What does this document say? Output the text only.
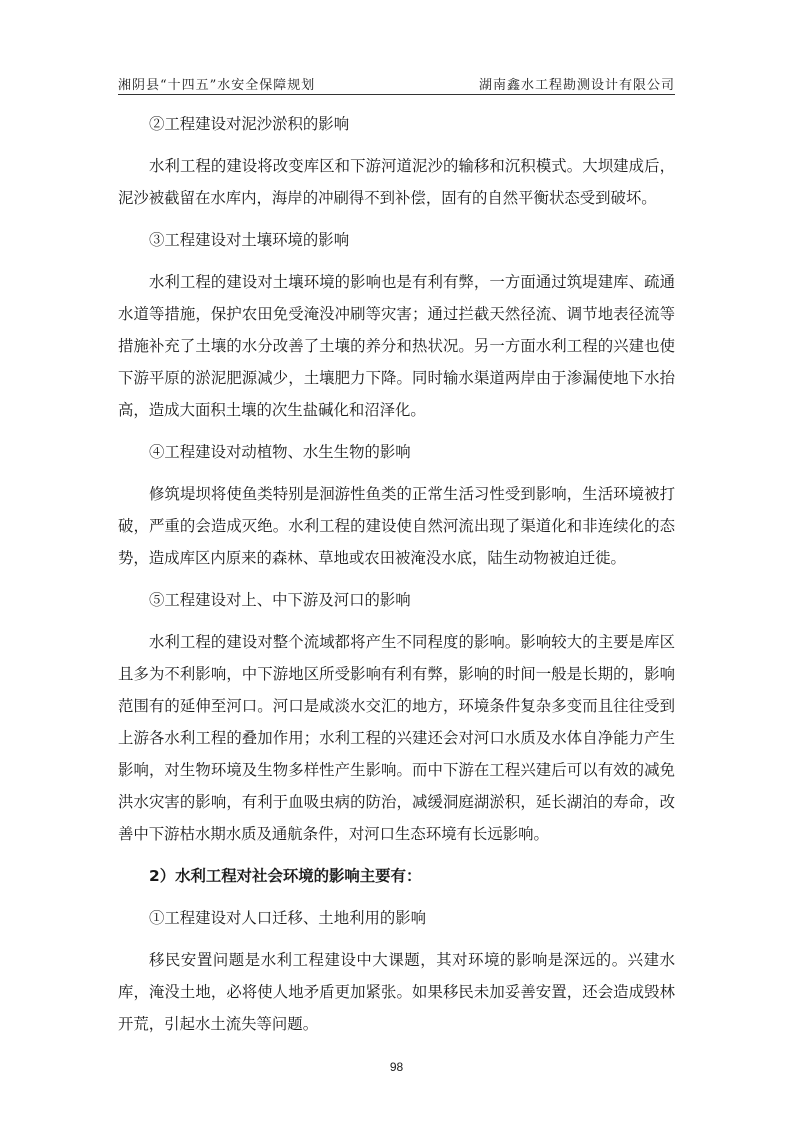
湘阴县“十四五”水安全保障规划	湖南鑫水工程勘测设计有限公司
②工程建设对泥沙淤积的影响
水利工程的建设将改变库区和下游河道泥沙的输移和沉积模式。大坝建成后，泥沙被截留在水库内，海岸的冲刷得不到补偿，固有的自然平衡状态受到破坏。
③工程建设对土壤环境的影响
水利工程的建设对土壤环境的影响也是有利有弊，一方面通过筑堤建库、疏通水道等措施，保护农田免受淹没冲刷等灾害；通过拦截天然径流、调节地表径流等措施补充了土壤的水分改善了土壤的养分和热状况。另一方面水利工程的兴建也使下游平原的淤泥肥源减少，土壤肥力下降。同时输水渠道两岸由于渗漏使地下水抬高，造成大面积土壤的次生盐碱化和沼泽化。
④工程建设对动植物、水生生物的影响
修筑堤坝将使鱼类特别是洄游性鱼类的正常生活习性受到影响，生活环境被打破，严重的会造成灭绝。水利工程的建设使自然河流出现了渠道化和非连续化的态势，造成库区内原来的森林、草地或农田被淹没水底，陆生动物被迫迁徙。
⑤工程建设对上、中下游及河口的影响
水利工程的建设对整个流域都将产生不同程度的影响。影响较大的主要是库区且多为不利影响，中下游地区所受影响有利有弊，影响的时间一般是长期的，影响范围有的延伸至河口。河口是咸淡水交汇的地方，环境条件复杂多变而且往往受到上游各水利工程的叠加作用；水利工程的兴建还会对河口水质及水体自净能力产生影响，对生物环境及生物多样性产生影响。而中下游在工程兴建后可以有效的减免洪水灾害的影响，有利于血吸虫病的防治，减缓洞庭湖淤积，延长湖泊的寿命，改善中下游枯水期水质及通航条件，对河口生态环境有长远影响。
2）水利工程对社会环境的影响主要有：
①工程建设对人口迁移、土地利用的影响
移民安置问题是水利工程建设中大课题，其对环境的影响是深远的。兴建水库，淹没土地，必将使人地矛盾更加紧张。如果移民未加妥善安置，还会造成毁林开荒，引起水土流失等问题。
98
